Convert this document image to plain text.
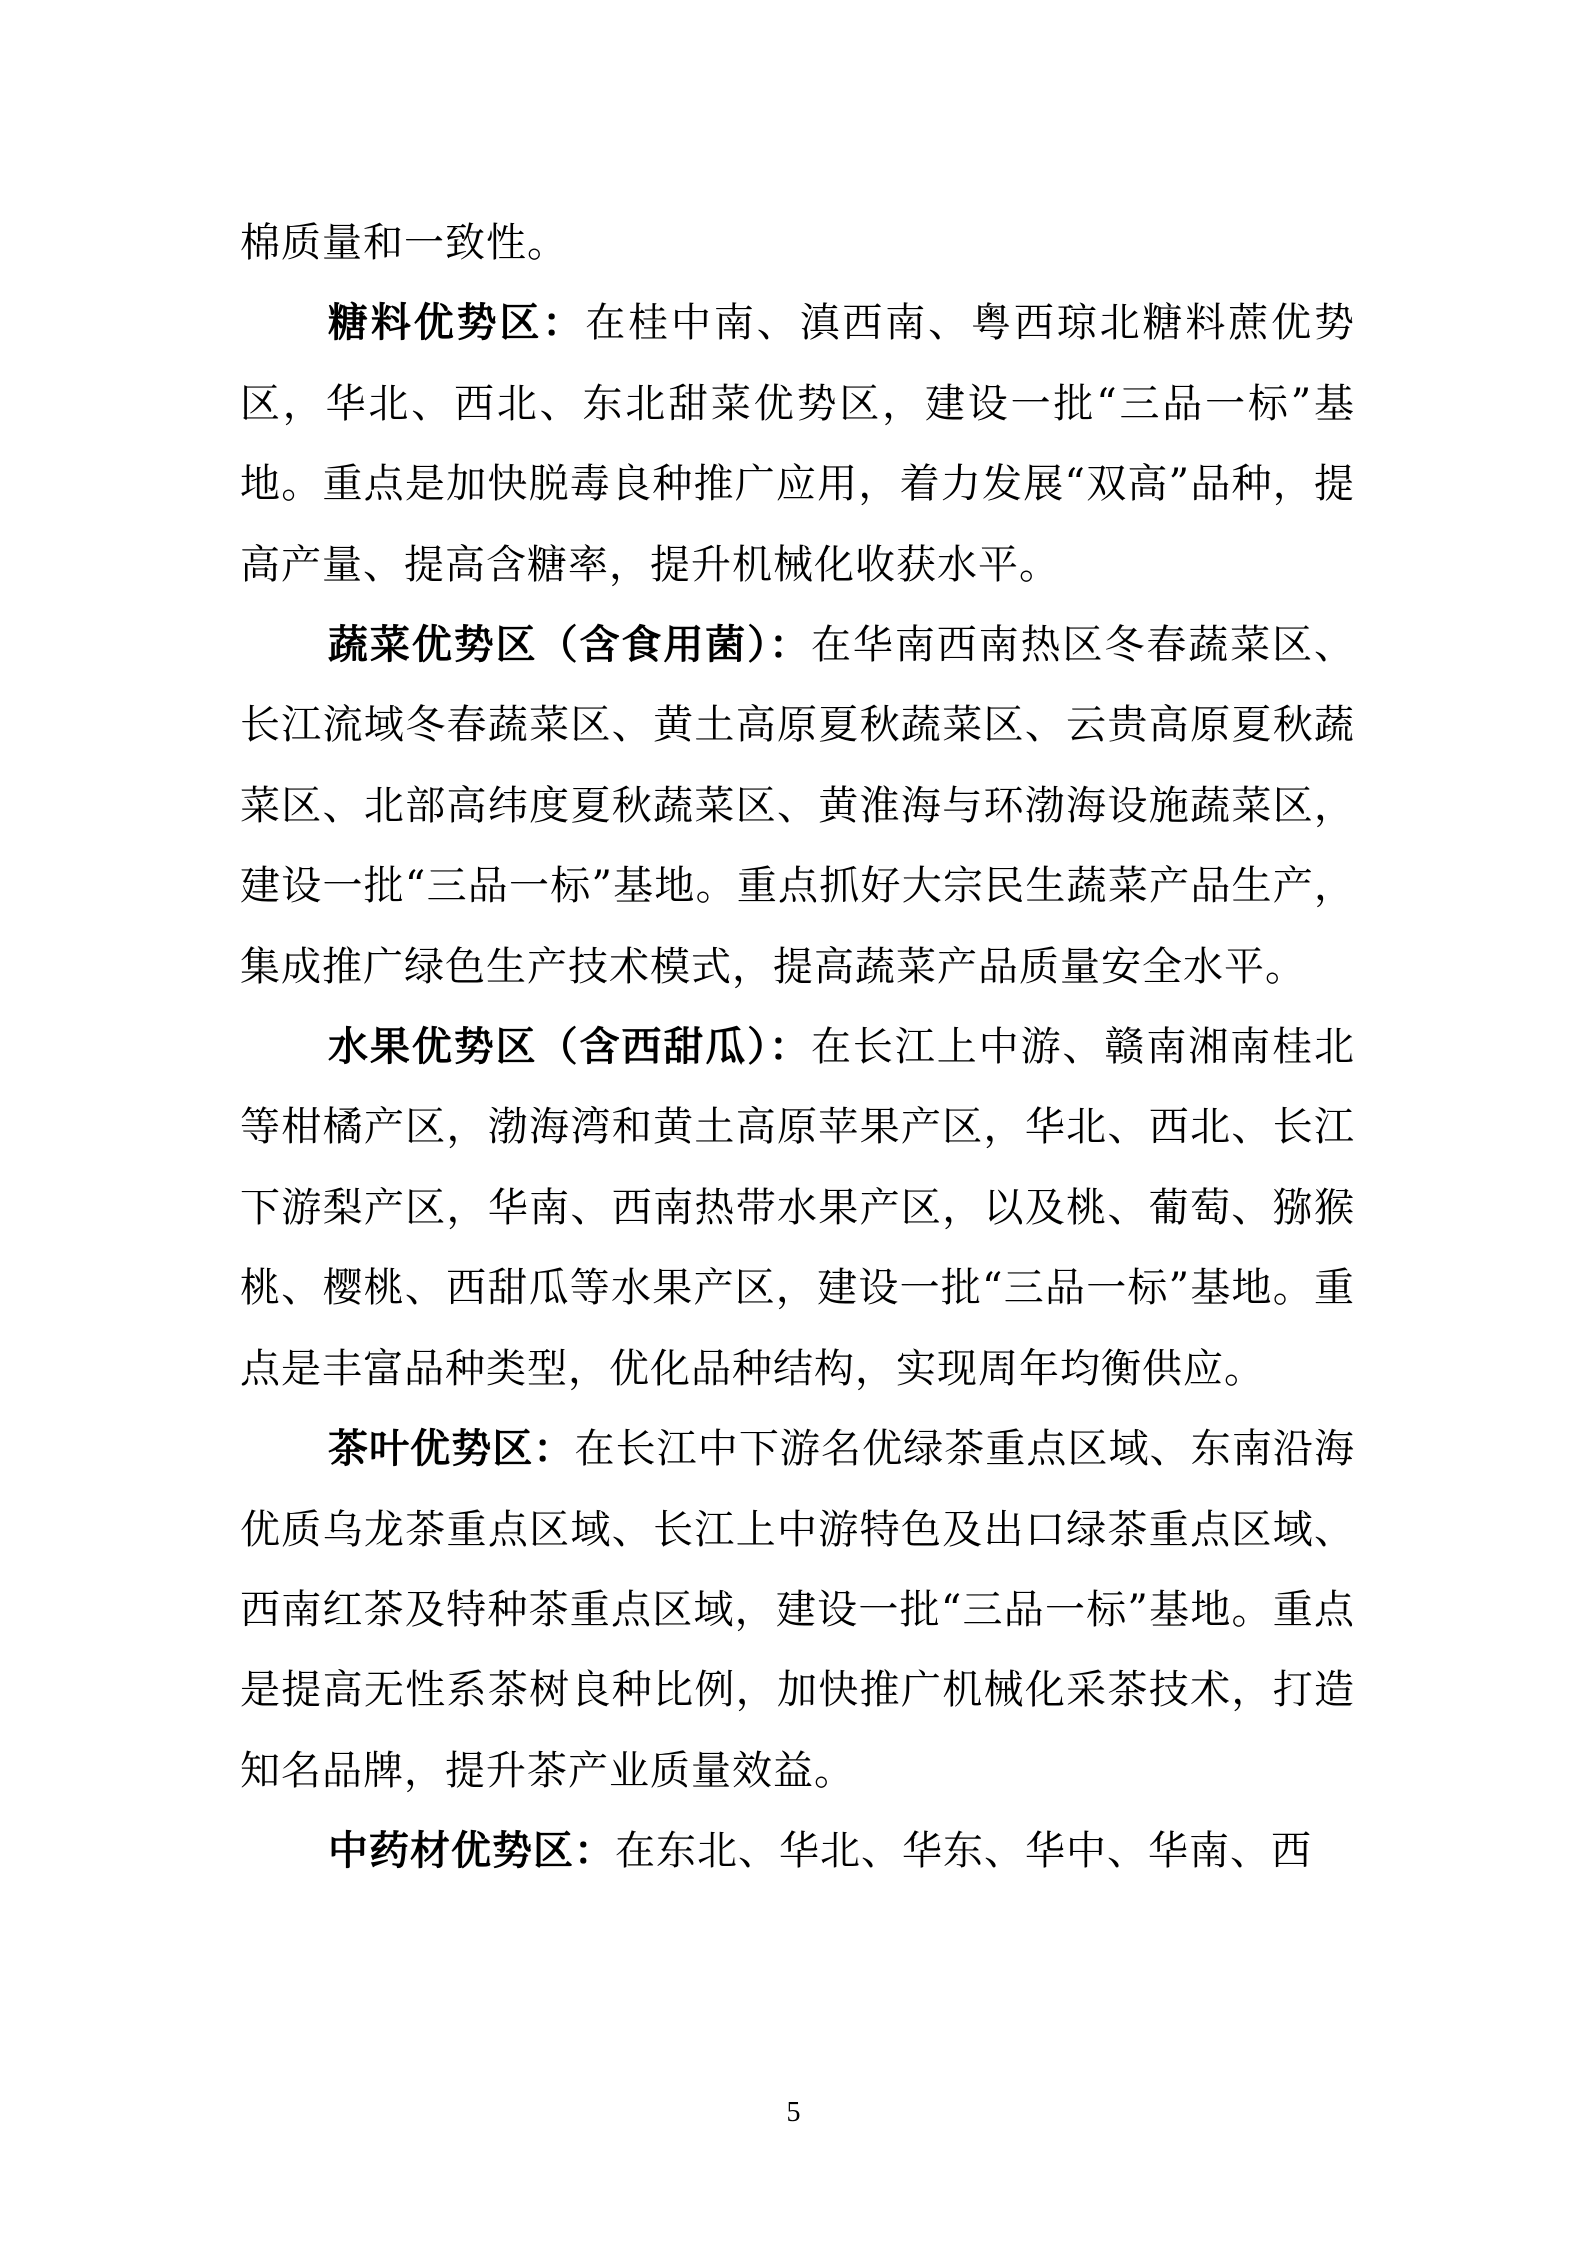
棉质量和一致性。

糖料优势区：在桂中南、滇西南、粤西琼北糖料蔗优势区，华北、西北、东北甜菜优势区，建设一批“三品一标”基地。重点是加快脱毒良种推广应用，着力发展“双高”品种，提高产量、提高含糖率，提升机械化收获水平。

蔬菜优势区（含食用菌）：在华南西南热区冬春蔬菜区、长江流域冬春蔬菜区、黄土高原夏秋蔬菜区、云贵高原夏秋蔬菜区、北部高纬度夏秋蔬菜区、黄淮海与环渤海设施蔬菜区，建设一批“三品一标”基地。重点抓好大宗民生蔬菜产品生产，集成推广绿色生产技术模式，提高蔬菜产品质量安全水平。

水果优势区（含西甜瓜）：在长江上中游、赣南湘南桂北等柑橘产区，渤海湾和黄土高原苹果产区，华北、西北、长江下游梨产区，华南、西南热带水果产区，以及桃、葡萄、猕猴桃、樱桃、西甜瓜等水果产区，建设一批“三品一标”基地。重点是丰富品种类型，优化品种结构，实现周年均衡供应。

茶叶优势区：在长江中下游名优绿茶重点区域、东南沿海优质乌龙茶重点区域、长江上中游特色及出口绿茶重点区域、西南红茶及特种茶重点区域，建设一批“三品一标”基地。重点是提高无性系茶树良种比例，加快推广机械化采茶技术，打造知名品牌，提升茶产业质量效益。

中药材优势区：在东北、华北、华东、华中、华南、西

5
